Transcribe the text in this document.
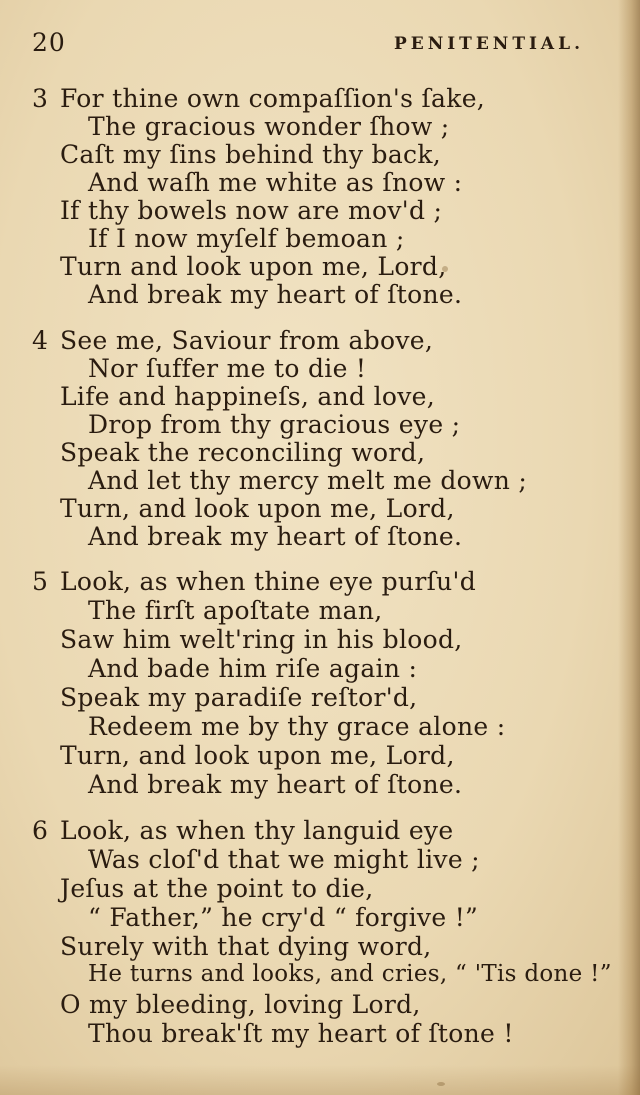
20	PENITENTIAL.
3 For thine own compaſſion's ſake,
The gracious wonder ſhow ;
Caſt my ſins behind thy back,
And waſh me white as ſnow :
If thy bowels now are mov'd ;
If I now myſelf bemoan ;
Turn and look upon me, Lord,
And break my heart of ſtone.
4 See me, Saviour from above,
Nor ſuffer me to die !
Life and happineſs, and love,
Drop from thy gracious eye ;
Speak the reconciling word,
And let thy mercy melt me down ;
Turn, and look upon me, Lord,
And break my heart of ſtone.
5 Look, as when thine eye purſu'd
The firſt apoſtate man,
Saw him welt'ring in his blood,
And bade him riſe again :
Speak my paradiſe reſtor'd,
Redeem me by thy grace alone :
Turn, and look upon me, Lord,
And break my heart of ſtone.
6 Look, as when thy languid eye
Was cloſ'd that we might live ;
Jeſus at the point to die,
“ Father,” he cry'd “ forgive !”
Surely with that dying word,
He turns and looks, and cries, “ 'Tis done !”
O my bleeding, loving Lord,
Thou break'ſt my heart of ſtone !
